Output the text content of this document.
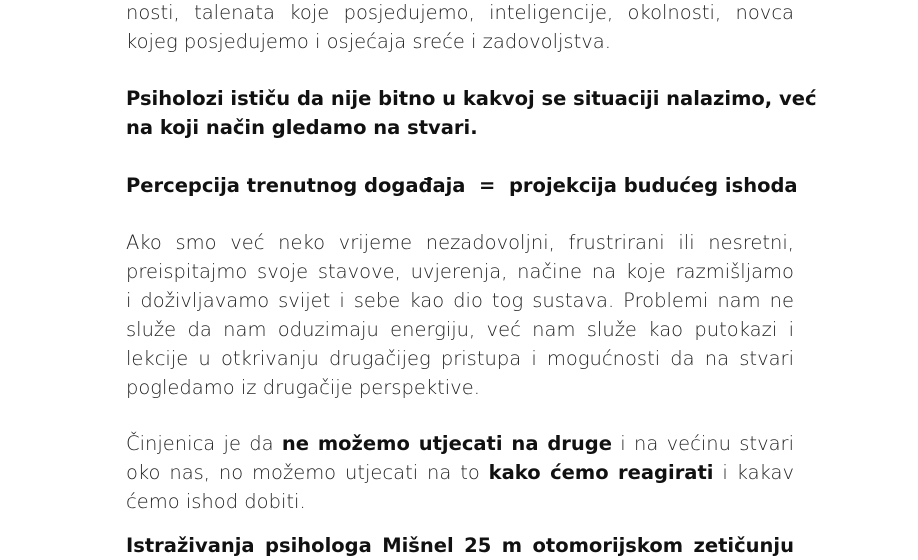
nosti, talenata koje posjedujemo, inteligencije, okolnosti, novca
kojeg posjedujemo i osjećaja sreće i zadovoljstva.

Psiholozi ističu da nije bitno u kakvoj se situaciji nalazimo, već
na koji način gledamo na stvari.

Percepcija trenutnog događaja = projekcija budućeg ishoda

Ako smo već neko vrijeme nezadovoljni, frustrirani ili nesretni,
preispitajmo svoje stavove, uvjerenja, načine na koje razmišljamo
i doživljavamo svijet i sebe kao dio tog sustava. Problemi nam ne
služe da nam oduzimaju energiju, već nam služe kao putokazi i
lekcije u otkrivanju drugačijeg pristupa i mogućnosti da na stvari
pogledamo iz drugačije perspektive.

Činjenica je da ne možemo utjecati na druge i na većinu stvari
oko nas, no možemo utjecati na to kako ćemo reagirati i kakav
ćemo ishod dobiti.

Istraživanja psihologa Mišnel 25 m otomorijskom zetičunju
